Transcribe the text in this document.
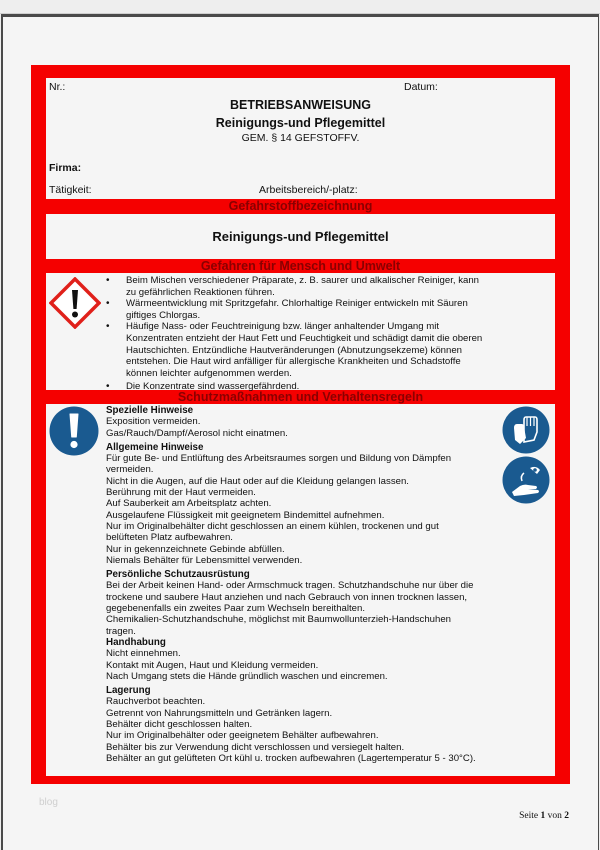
Nr.:	Datum:
BETRIEBSANWEISUNG
Reinigungs-und Pflegemittel
GEM. § 14 GEFSTOFFV.
Firma:
Tätigkeit:	Arbeitsbereich/-platz:
Gefahrstoffbezeichnung
Reinigungs-und Pflegemittel
Gefahren für Mensch und Umwelt
• Beim Mischen verschiedener Präparate, z. B. saurer und alkalischer Reiniger, kann
zu gefährlichen Reaktionen führen.
• Wärmeentwicklung mit Spritzgefahr. Chlorhaltige Reiniger entwickeln mit Säuren
giftiges Chlorgas.
• Häufige Nass- oder Feuchtreinigung bzw. länger anhaltender Umgang mit
Konzentraten entzieht der Haut Fett und Feuchtigkeit und schädigt damit die oberen
Hautschichten. Entzündliche Hautveränderungen (Abnutzungsekzeme) können
entstehen. Die Haut wird anfälliger für allergische Krankheiten und Schadstoffe
können leichter aufgenommen werden.
• Die Konzentrate sind wassergefährdend.
Schutzmaßnahmen und Verhaltensregeln
Spezielle Hinweise
Exposition vermeiden.
Gas/Rauch/Dampf/Aerosol nicht einatmen.
Allgemeine Hinweise
Für gute Be- und Entlüftung des Arbeitsraumes sorgen und Bildung von Dämpfen
vermeiden.
Nicht in die Augen, auf die Haut oder auf die Kleidung gelangen lassen.
Berührung mit der Haut vermeiden.
Auf Sauberkeit am Arbeitsplatz achten.
Ausgelaufene Flüssigkeit mit geeignetem Bindemittel aufnehmen.
Nur im Originalbehälter dicht geschlossen an einem kühlen, trockenen und gut
belüfteten Platz aufbewahren.
Nur in gekennzeichnete Gebinde abfüllen.
Niemals Behälter für Lebensmittel verwenden.
Persönliche Schutzausrüstung
Bei der Arbeit keinen Hand- oder Armschmuck tragen. Schutzhandschuhe nur über die
trockene und saubere Haut anziehen und nach Gebrauch von innen trocknen lassen,
gegebenenfalls ein zweites Paar zum Wechseln bereithalten.
Chemikalien-Schutzhandschuhe, möglichst mit Baumwollunterzieh-Handschuhen
tragen.
Handhabung
Nicht einnehmen.
Kontakt mit Augen, Haut und Kleidung vermeiden.
Nach Umgang stets die Hände gründlich waschen und eincremen.
Lagerung
Rauchverbot beachten.
Getrennt von Nahrungsmitteln und Getränken lagern.
Behälter dicht geschlossen halten.
Nur im Originalbehälter oder geeignetem Behälter aufbewahren.
Behälter bis zur Verwendung dicht verschlossen und versiegelt halten.
Behälter an gut gelüfteten Ort kühl u. trocken aufbewahren (Lagertemperatur 5 - 30°C).
blog
Seite 1 von 2
